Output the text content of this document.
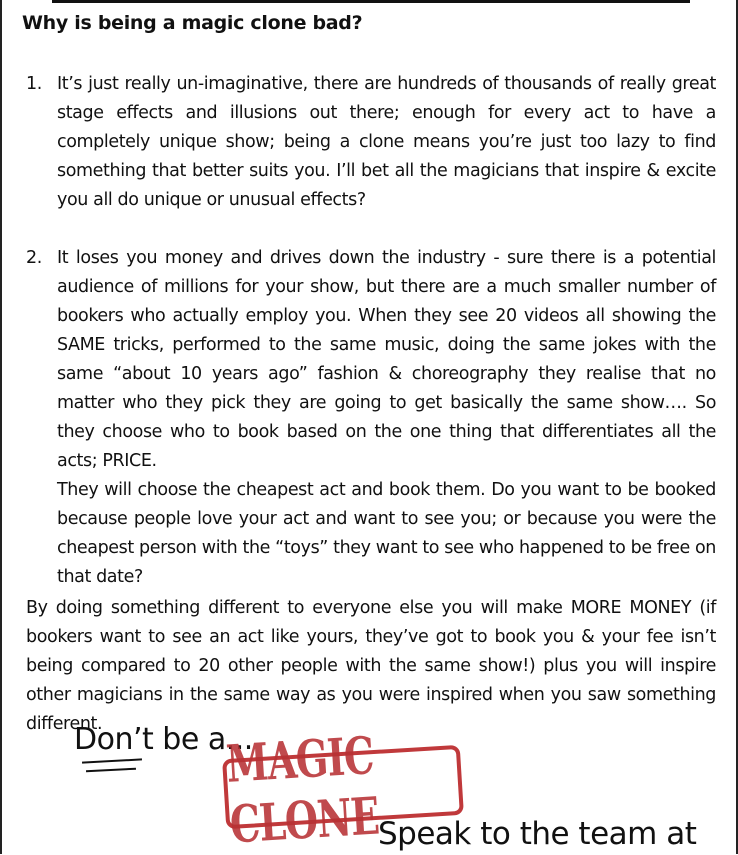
Why is being a magic clone bad?
1. It’s just really un-imaginative, there are hundreds of thousands of really great stage effects and illusions out there; enough for every act to have a completely unique show; being a clone means you’re just too lazy to find something that better suits you. I’ll bet all the magicians that inspire & excite you all do unique or unusual effects?
2. It loses you money and drives down the industry - sure there is a potential audience of millions for your show, but there are a much smaller number of bookers who actually employ you. When they see 20 videos all showing the SAME tricks, performed to the same music, doing the same jokes with the same “about 10 years ago” fashion & choreography they realise that no matter who they pick they are going to get basically the same show…. So they choose who to book based on the one thing that differentiates all the acts; PRICE.
They will choose the cheapest act and book them. Do you want to be booked because people love your act and want to see you; or because you were the cheapest person with the “toys” they want to see who happened to be free on that date?
By doing something different to everyone else you will make MORE MONEY (if bookers want to see an act like yours, they’ve got to book you & your fee isn’t being compared to 20 other people with the same show!) plus you will inspire other magicians in the same way as you were inspired when you saw something different.
Don’t be a...
MAGIC CLONE
Speak to the team at
